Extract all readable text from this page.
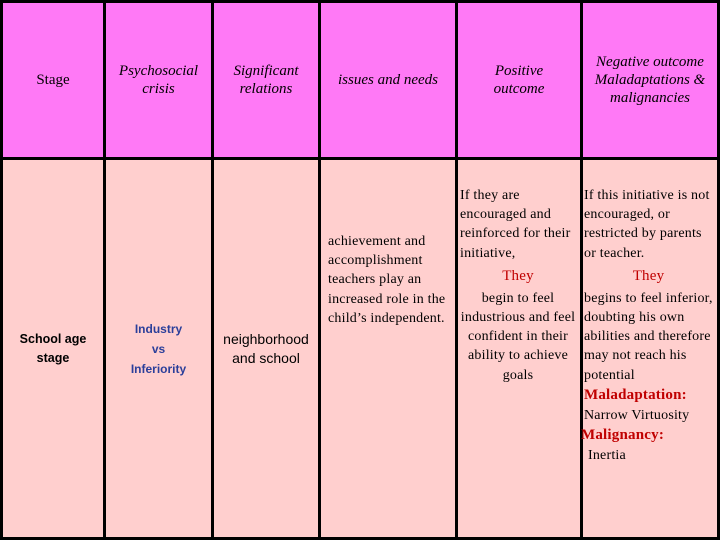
Stage
Psychosocial crisis
Significant relations
issues and needs
Positive outcome
Negative outcome Maladaptations & malignancies
School age stage
Industry
vs
Inferiority
neighborhood and school

achievement and accomplishment
teachers play an increased role in the child’s independent.

If they are encouraged and reinforced for their initiative,
They
begin to feel industrious and feel confident in their ability to achieve goals
If this initiative is not encouraged, or restricted by parents or teacher.
They
begins to feel inferior, doubting his own abilities and therefore may not reach his potential
Maladaptation:
Narrow Virtuosity
Malignancy:
Inertia
